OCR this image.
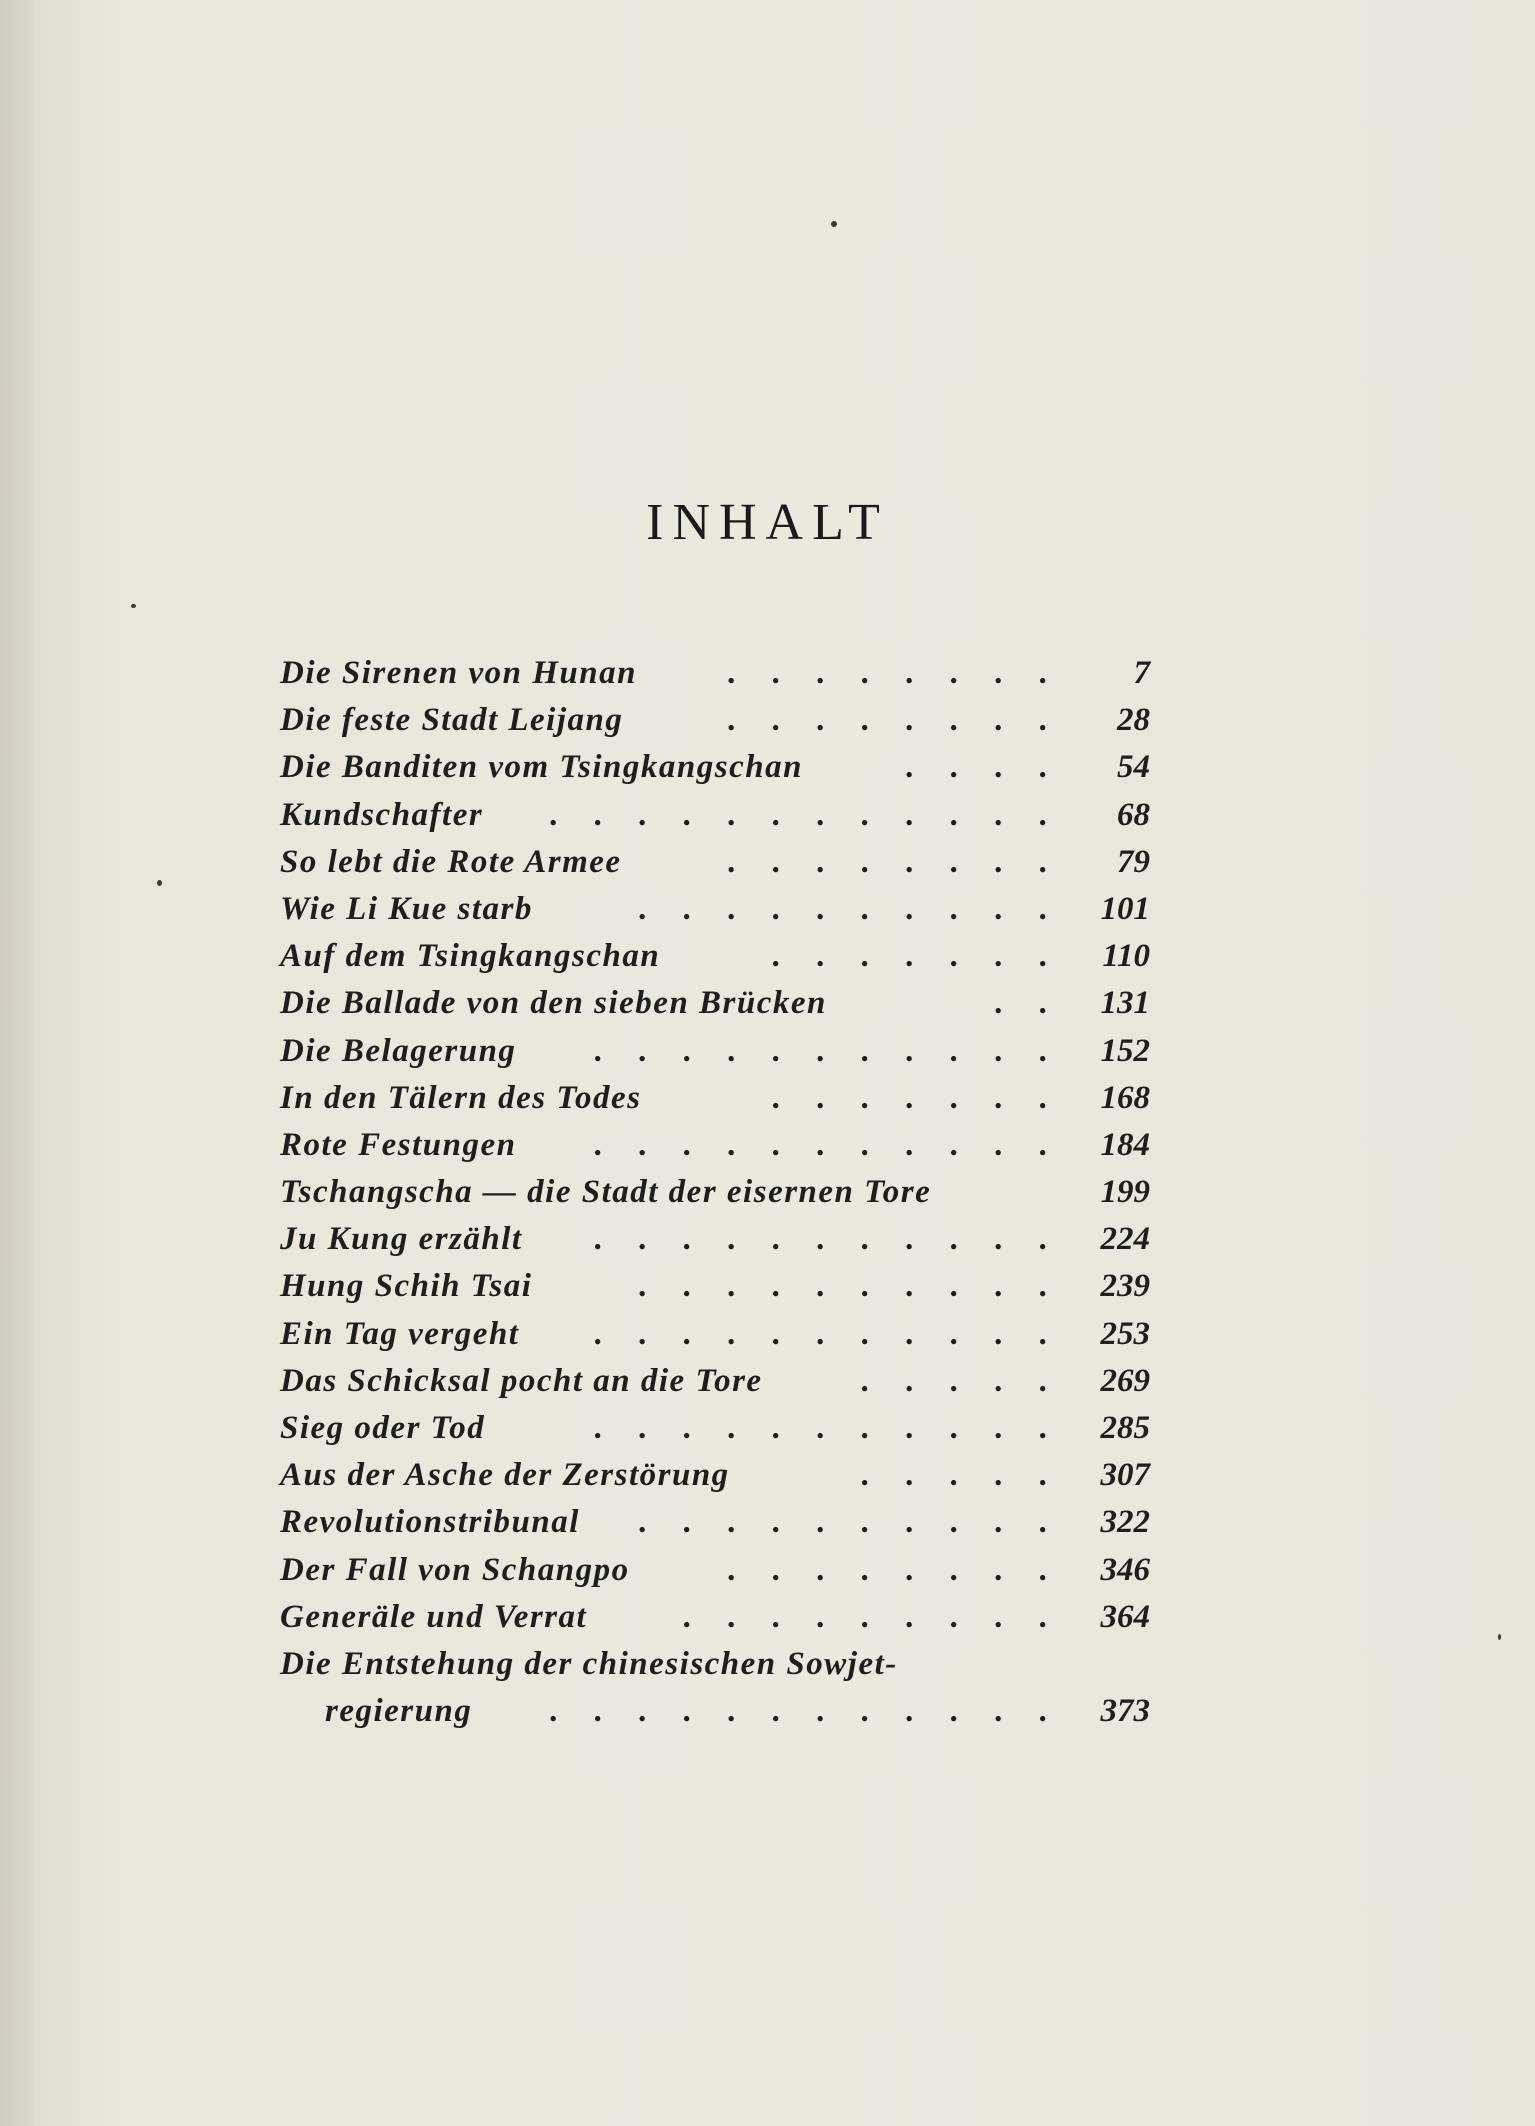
INHALT
Die Sirenen von Hunan	. . . . . . . .	7
Die feste Stadt Leijang	. . . . . . . .	28
Die Banditen vom Tsingkangschan	. . . .	54
Kundschafter . . . . . . . . . . . .	68
So lebt die Rote Armee	. . . . . . . .	79
Wie Li Kue starb	. . . . . . . . . .	101
Auf dem Tsingkangschan	. . . . . . .	110
Die Ballade von den sieben Brücken	. .	131
Die Belagerung . . . . . . . . . . .	152
In den Tälern des Todes	. . . . . . .	168
Rote Festungen . . . . . . . . . . .	184
Tschangscha — die Stadt der eisernen Tore	199
Ju Kung erzählt . . . . . . . . . . .	224
Hung Schih Tsai	. . . . . . . . . .	239
Ein Tag vergeht . . . . . . . . . . .	253
Das Schicksal pocht an die Tore	. . . . .	269
Sieg oder Tod	. . . . . . . . . . .	285
Aus der Asche der Zerstörung	. . . . .	307
Revolutionstribunal . . . . . . . . . .	322
Der Fall von Schangpo	. . . . . . . .	346
Generäle und Verrat	. . . . . . . . .	364
Die Entstehung der chinesischen Sowjet-
regierung . . . . . . . . . . . .	373
